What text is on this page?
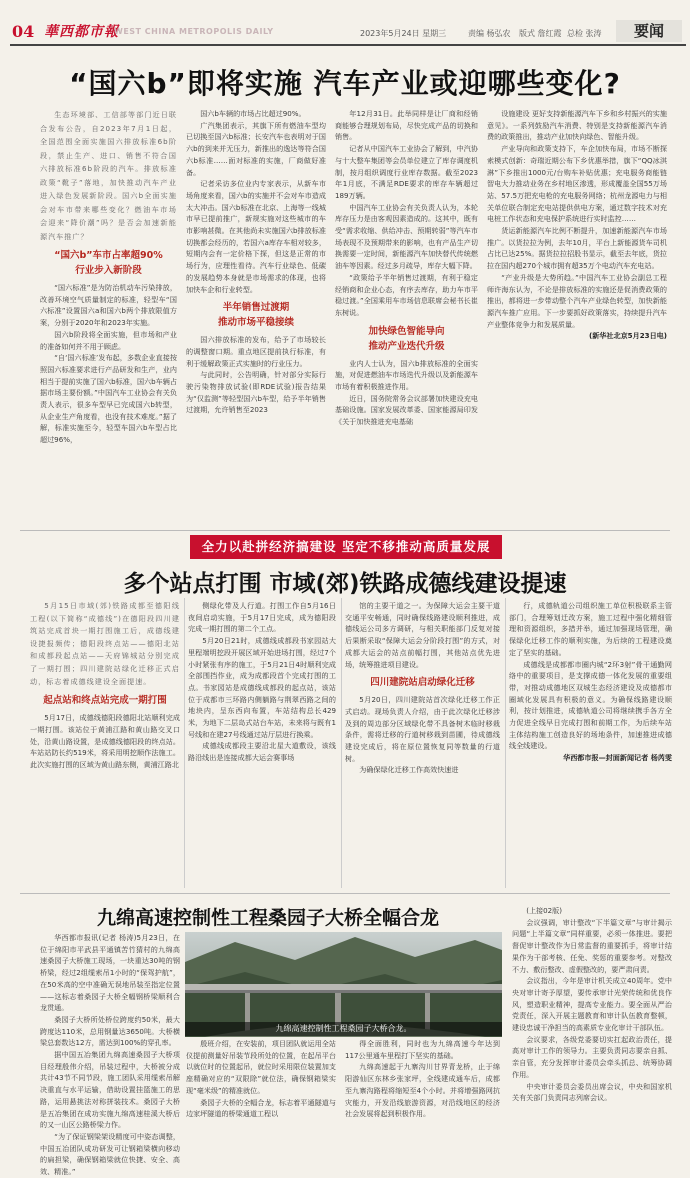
04 華西都市報
WEST CHINA METROPOLIS DAILY	2023年5月24日 星期三	责编 杨弘农 版式 詹红霞 总检 张涛	要闻
“国六b”即将实施 汽车产业或迎哪些变化?

生态环境部、工信部等部门近日联合发布公告，自2023年7月1日起，全国范围全面实施国六排放标准6b阶段，禁止生产、进口、销售不符合国六排放标准6b阶段的汽车。排放标准政策“靴子”落地，加快推动汽车产业进入绿色发展新阶段。国六b全面实施会对车市带来哪些变化？燃油车市场会迎来“降价潮”吗？是否会加速新能源汽车推广？

“国六b”车市占率超90%
行业步入新阶段

“国六标准”是为防治机动车污染排放，改善环境空气质量制定的标准，轻型车“国六标准”设置国六a和国六b两个排放限值方案，分别于2020年和2023年实施。

国六b阶段将全面实施，但市场和产业的准备如何并不用于顾虑。

“自‘国六标准’发布起，多数企业直接按照国六标准要求进行产品研发和生产，业内相当于提前实施了国六b标准，国六b车辆占据市场主要份额。”中国汽车工业协会有关负责人表示，很多车型早已完成国六b转型，从企业生产角度看，也没有技术难度。”据了解，标准实施至今，轻型车国六b车型占比超过96%，

国六b车辆的市场占比超过90%。

广汽集团表示，其旗下所有燃油车型均已切换至国六b标准；长安汽车也表明对于国六b的到来并无压力，新推出的逸达等符合国六b标准……面对标准的实施，厂商做好准备。

记者采访多位业内专家表示，从新车市场角度来看，国六b的实施并不会对车市造成太大冲击。国六b标准在北京、上海等一线城市早已提前推广，新规实施对这些城市的车市影响甚微。在其他尚未实施国六b排放标准切换都会经历的，若国六a库存车相对较多，短期内会有一定价格下探，但这是正常的市场行为，应理性看待。汽车行业绿色、低碳的发展趋势本身就是市场需求的体现，也将加快车企和行业转型。

半年销售过渡期
推动市场平稳接续

国六排放标准的发布，给予了市场较长的调整窗口期。重点地区提前执行标准，有利于缓解政策正式实施时的行业压力。

与此同时，公告明确，针对部分实际行驶污染物排放试验(即RDE试验)报告结果为“仅监测”等轻型国六b车型，给予半年销售过渡期，允许销售至2023

年12月31日。此举同样是让厂商和经销商能够合理规划布局，尽快完成产品的切换和销售。

记者从中国汽车工业协会了解到，中汽协与十大整车集团等会员单位建立了库存调度机制，按月组织调度行业库存数据。截至2023年1月底，不满足RDE要求的库存车辆超过189万辆。

中国汽车工业协会有关负责人认为，本轮库存压力是由客观因素造成的。这其中，既有受“需求收缩、供给冲击、预期转弱”等汽车市场表现不及预期带来的影响，也有产品生产切换需要一定时间，新能源汽车加快替代传统燃油车等因素。经过多月疏导，库存大幅下降。

“政策给予半年销售过渡期，有利于稳定经销商和企业心态，有序去库存，助力车市平稳过渡。”全国乘用车市场信息联席会秘书长崔东树说。

加快绿色智能导向
推动产业迭代升级

业内人士认为，国六b排放标准的全面实施，对促进燃油车市场迭代升级以及新能源车市场有着积极推进作用。

近日，国务院常务会议部署加快建设充电基础设施。国家发展改革委、国家能源局印发《关于加快推进充电基础

设施建设 更好支持新能源汽车下乡和乡村振兴的实施意见》。一系列鼓励汽车消费、特别是支持新能源汽车消费的政策推出，推动产业加快向绿色、智能升级。

产业导向和政策支持下，车企加快布局，市场不断探索模式创新：奇瑞近期公布下乡优惠举措，旗下“QQ冰淇淋”下乡推出1000元/台购车补贴优惠；充电服务商能链智电大力推动业务在乡村地区渗透，形成覆盖全国55万场站、57.5万把充电枪的充电服务网络；杭州龙源电力与相关单位联合制定充电站提供供电方案，通过数字技术对充电桩工作状态和充电保护系统进行实时监控……

货运新能源汽车比例不断提升，加速新能源汽车市场推广。以货拉拉为例，去年10月，平台上新能源货车司机占比已达25%。据货拉拉招股书显示，截至去年底，货拉拉在国内超270个城市拥有超35万个电动汽车充电站。

“产业升级是大势所趋。”中国汽车工业协会副总工程师许海东认为，不论是排放标准的实施还是促消费政策的推出，都将进一步带动整个汽车产业绿色转型，加快新能源汽车推广应用。下一步要抓好政策落实，持续提升汽车产业整体竞争力和发展质量。

(新华社北京5月23日电)

全力以赴拼经济搞建设 坚定不移推动高质量发展
多个站点打围 市域(郊)铁路成德线建设提速

5月15日市域(郊)铁路成都至德阳线工程(以下简称“成德线”)在德阳段四川建筑站完成首块一期打围施工后，成德线建设捷报频传；德阳段终点站——德阳北站和成都段起点站——天府锦城站分别完成了一期打围；四川建院站绿化迁移正式启动，标志着成德线建设全面提速。

起点站和终点站完成一期打围

5月17日，成德线德阳段德阳北站顺利完成一期打围。该站位于黄浦江路和黄山路交叉口处，沿黄山路设置，是成德线德阳段的终点站。车站站防长约519米，将采用明挖顺作法施工。此次实施打围的区域为黄山路东侧，黄浦江路北

侧绿化带及人行道。打围工作自5月16日夜间启动实施，于5月17日完成，成为德阳段完成一期打围的第二个工点。

5月20日21时，成德线成都段书家园站大里程端明挖段开展区域开始进场打围，经过7个小时紧张有序的施工，于5月21日4时顺利完成全部围挡作业，成为成都段首个完成打围的工点。书家园站是成德线成都段的起点站，该站位于成都市三环路内侧躺路与荆翠西路之间的地块内，呈东西向布置，车站结构总长429米，为地下二层岛式站台车站，未来将与既有1号线和在建27号线通过站厅层进行换乘。

成德线成都段主要沿北星大道敷设，该线路沿线出是连接成都大运会赛事场

馆的主要干道之一。为保障大运会主要干道交通平安畅通，同时确保线路建设顺利推进，成德线运公司多方调研，与相关职能部门反复对接后果断采取“保障大运会分阶段打围”的方式，对成都大运会的站点前幅打围，其他站点优先进场，统筹推进项目建设。

四川建院站启动绿化迁移

5月20日，四川建院站首次绿化迁移工作正式启动。现场负责人介绍，由于此次绿化迁移涉及到的周边部分区域绿化带不具备树木临时移栽条件，需将迁移的行道树移栽到苗圃，待成德线建设完成后，将在原位置恢复同等数量的行道树。

为确保绿化迁移工作高效快速进

行，成德轨道公司组织施工单位积极联系主管部门，合理筹划迁改方案，施工过程中强化精细管理和资源组织，多措并举，通过加强现场管理，确保绿化迁移工作的顺利实施，为后续的工程建设奠定了坚实的基础。

成德线是成都都市圈内城“2环3射”骨干通勤网络中的重要项目，是支撑成德一体化发展的重要组带，对推动成德地区双城生态经济建设及成德都市圈域化发展具有积极的意义。为确保线路建设顺利，按计划推进，成德轨道公司将继续携手各方全力促进全线早日完成打围和前期工作，为后续车站主体结构施工创造良好的场地条件，加速推进成德线全线建设。

华西都市报—封面新闻记者 杨芮雯

九绵高速控制性工程桑园子大桥全幅合龙

华西都市报讯(记者 杨涛)5月23日，在位于绵阳市平武县平通镇苦竹猜村的九绵高速桑园子大桥施工现场，一块重达30吨的钢桥梁，经过2组缆索吊1小时的“保驾护航”，在50米高的空中准确无误地吊装至指定位置——这标志着桑园子大桥全幅钢桥梁顺利合龙贯通。

桑园子大桥所处桥位跨度约50米，最大跨度达110米，总用钢量达3650吨。大桥横梁总套数达12方，需达到100%的穿孔率。

据中国五冶集团九绵高速桑园子大桥项目经理殷伟介绍，吊装过程中，大桥被分成共计43节不同节段，施工团队采用缆索吊解决重直与水平运输，借助设置挂篮施工的思路，运用悬挑法对称拼装技术。桑园子大桥是五冶集团在成功实施九绵高速桂溪大桥后的又一山区公路桥梁力作。

“为了保证钢梁架设精度可中姿态调整，中国五冶团队成功研发可让钢箱梁横向移动的扁担梁，确保钢箱梁就位快捷、安全、高效、精准。”

九绵高速控制性工程桑园子大桥合龙。

殷班介绍，在安装前，项目团队就运用全站仪提前测量好吊装节段所处的位置，在起吊平台以就位时的位置起吊，就位时采用限位装置加支座精确对应的“双限除”就位法，确保钢箱梁实现“毫米级”的精准就位。

桑园子大桥的全幅合龙，标志着平通隧道与边家坪隧道的桥梁通道工程以

得全面胜利，同时也为九绵高速今年达到117公里通车里程打下坚实的基础。

九绵高速起于九寨沟川甘界青龙桥，止于绵阳游仙区东林乡张家坪，全线建成通车后，成都至九寨沟路程将缩短至4个小时。并将增强路网抗灾能力，开发沿线旅游资源，对沿线地区的经济社会发展将起到积极作用。

(上接02版)

会议强调，审计整改“下半篇文章”与审计揭示问题“上半篇文章”同样重要，必须一体推进。要把督促审计整改作为日常监督的重要抓手，将审计结果作为干部考核、任免、奖惩的重要参考。对整改不力、敷衍整改、虚假整改的，要严肃问责。

会议指出，今年是审计机关成立40周年。党中央对审计寄予厚望，要传承审计光荣传统和优良作风，塑造职业精神，提高专业能力。要全面从严治党责任，深入开展主题教育和审计队伍教育整顿，建设忠诚干净担当的高素质专业化审计干部队伍。

会议要求，各级党委要切实扛起政治责任，提高对审计工作的领导力。主要负责同志要亲自抓、亲自管，充分发挥审计委员会牵头抓总、统筹协调作用。

中央审计委员会委员出席会议，中央和国家机关有关部门负责同志列席会议。
